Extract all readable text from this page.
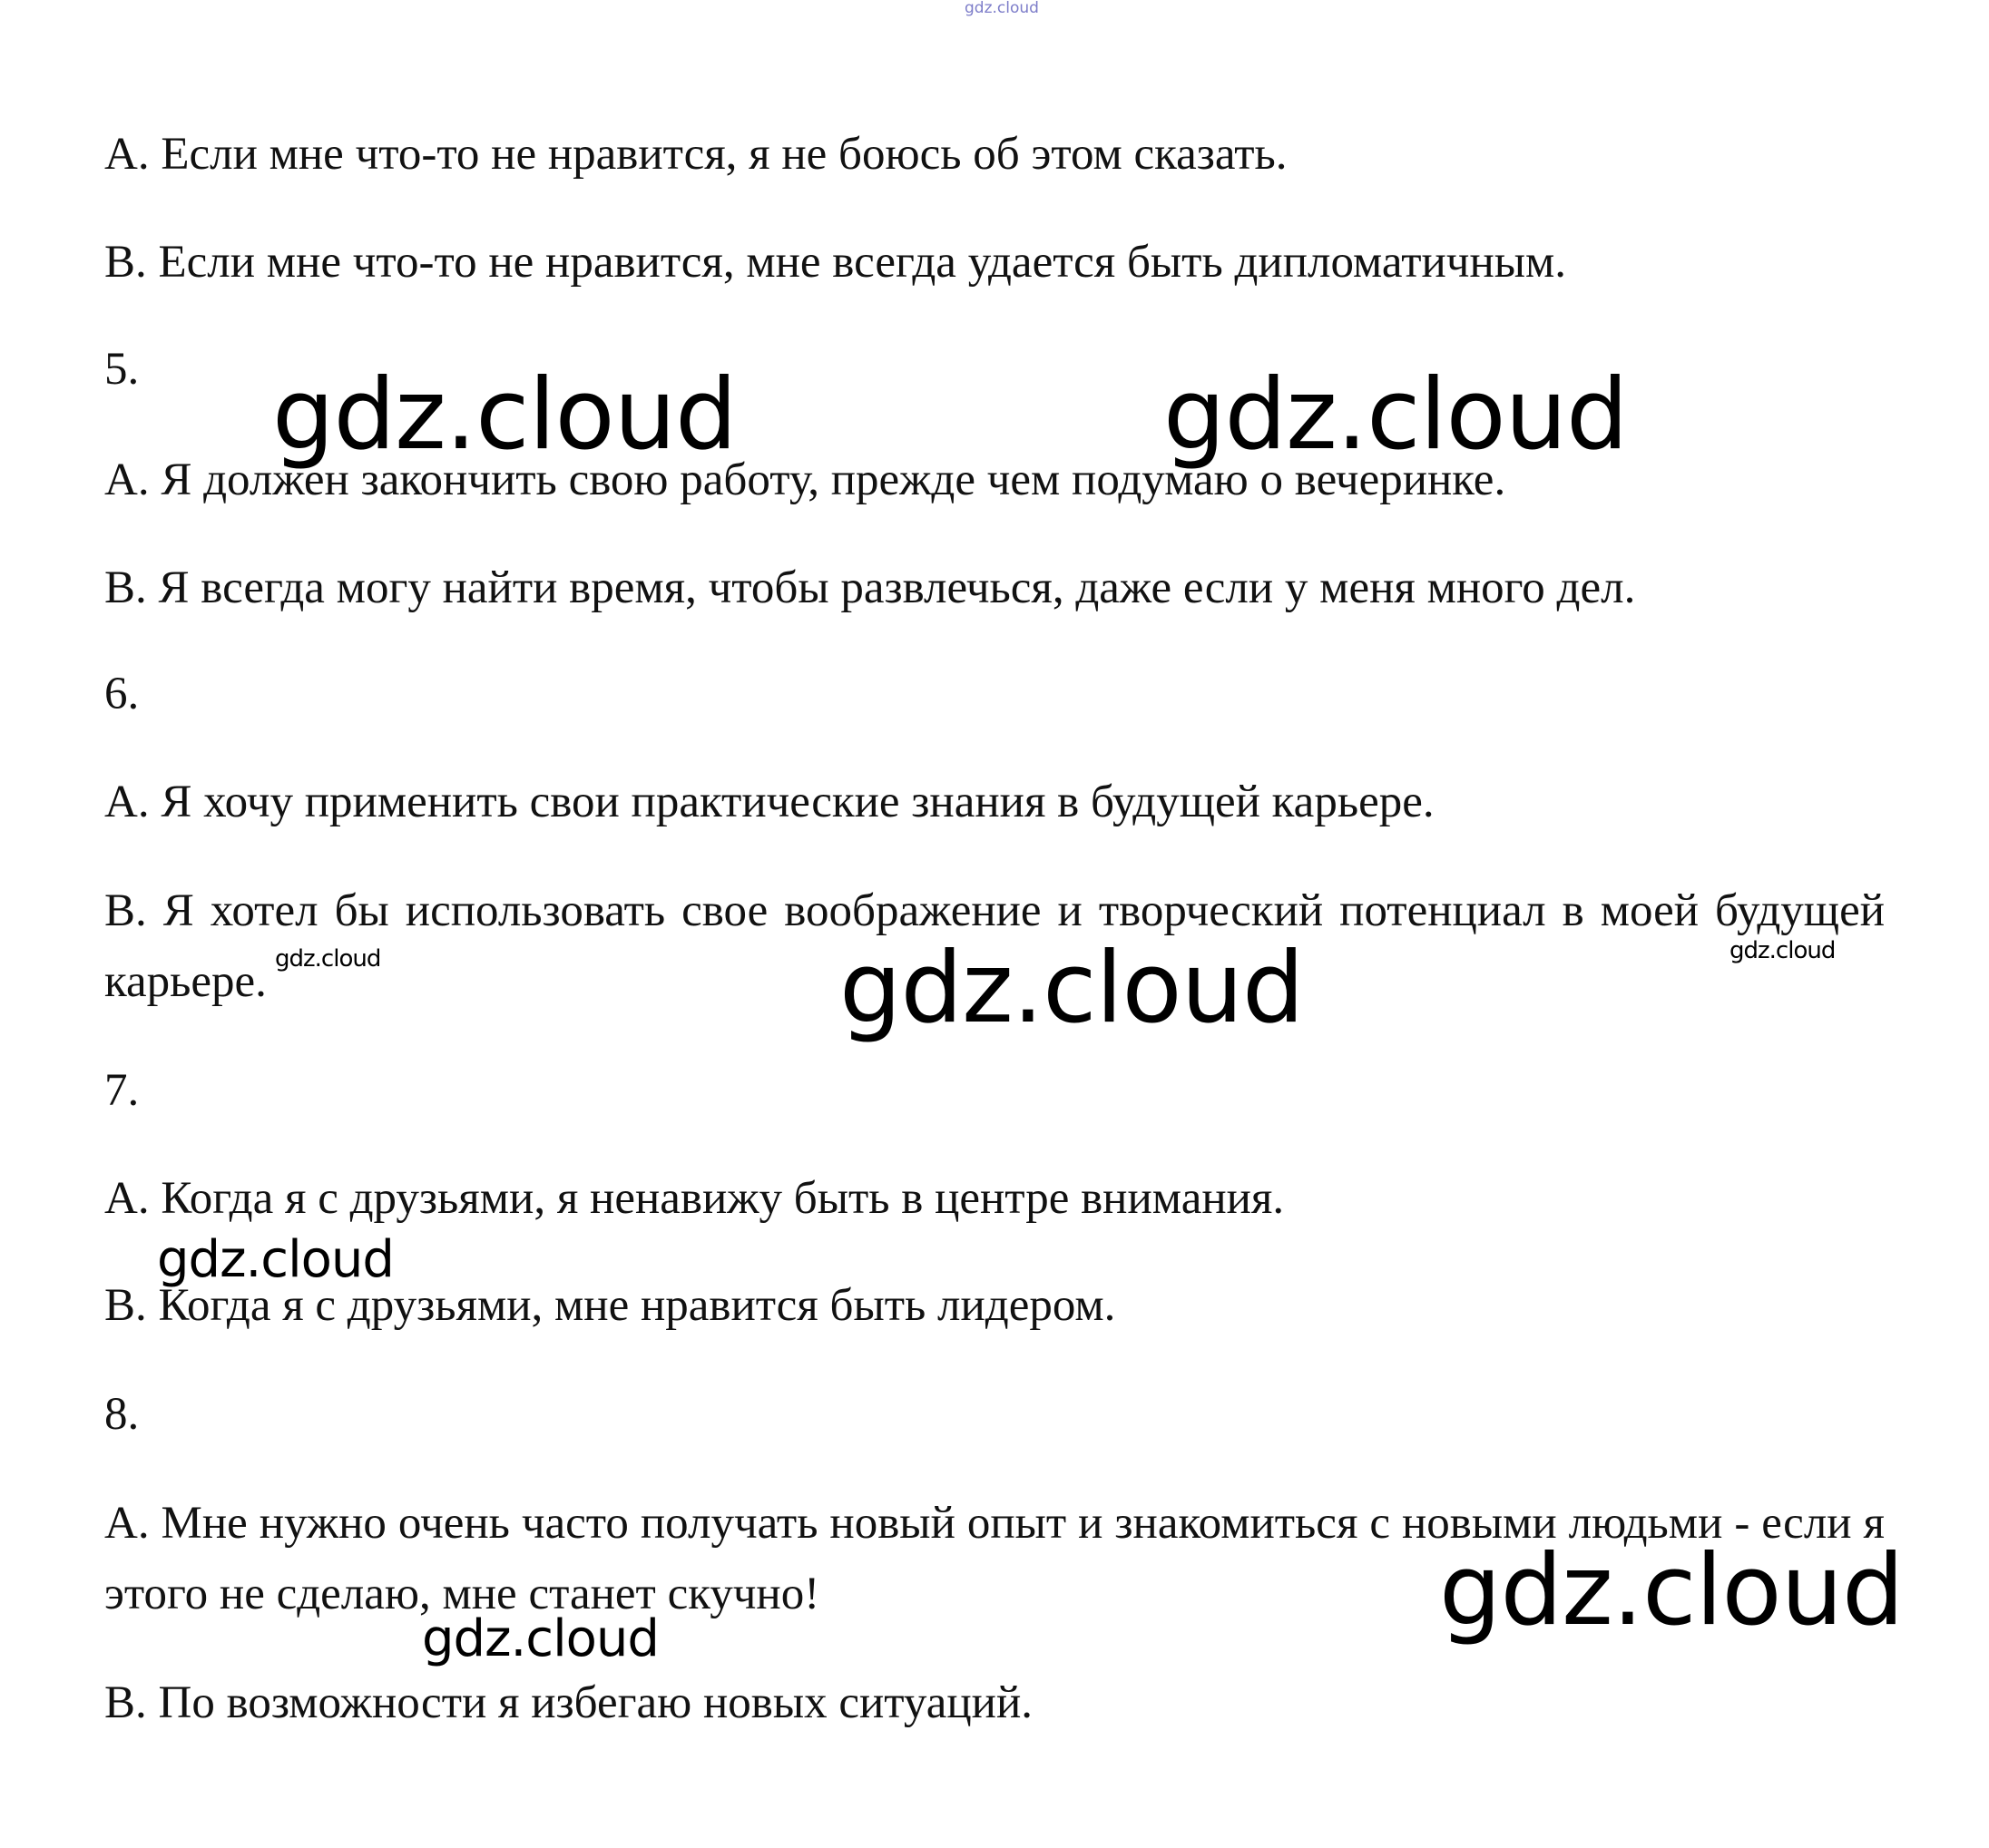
gdz.cloud

A. Если мне что-то не нравится, я не боюсь об этом сказать.

B. Если мне что-то не нравится, мне всегда удается быть дипломатичным.

5.

A. Я должен закончить свою работу, прежде чем подумаю о вечеринке.

B. Я всегда могу найти время, чтобы развлечься, даже если у меня много дел.

6.

A. Я хочу применить свои практические знания в будущей карьере.

B. Я хотел бы использовать свое воображение и творческий потенциал в моей будущей карьере.

7.

A. Когда я с друзьями, я ненавижу быть в центре внимания.

B. Когда я с друзьями, мне нравится быть лидером.

8.

A. Мне нужно очень часто получать новый опыт и знакомиться с новыми людьми - если я этого не сделаю, мне станет скучно!

B. По возможности я избегаю новых ситуаций.

gdz.cloud	gdz.cloud
gdz.cloud
gdz.cloud	gdz.cloud
gdz.cloud
gdz.cloud
gdz.cloud
